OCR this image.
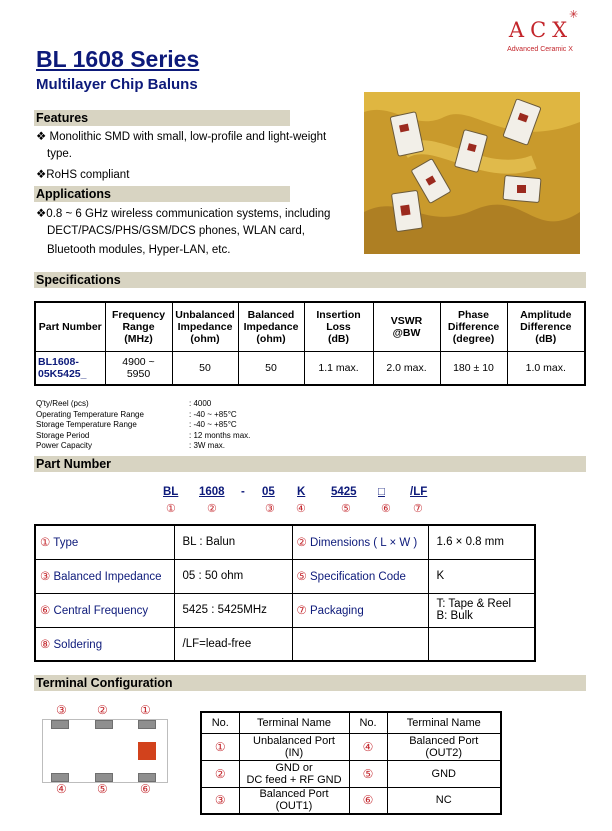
ACX
✳
Advanced Ceramic X
BL 1608 Series
Multilayer Chip Baluns
Features
❖ Monolithic SMD with small, low-profile and light-weight
type.
❖RoHS compliant
Applications
❖0.8 ~ 6 GHz wireless communication systems, including
DECT/PACS/PHS/GSM/DCS phones, WLAN card,
Bluetooth modules, Hyper-LAN, etc.
Specifications
Part Number	Frequency
Range
(MHz)	Unbalanced
Impedance
(ohm)	Balanced
Impedance
(ohm)	Insertion
Loss
(dB)	VSWR
@BW	Phase
Difference
(degree)	Amplitude
Difference
(dB)
BL1608-
05K5425_	4900 ~
5950	50	50	1.1 max.	2.0 max.	180 ± 10	1.0 max.
Q'ty/Reel (pcs)
Operating Temperature Range
Storage Temperature Range
Storage Period
Power Capacity
: 4000
: -40 ~ +85°C
: -40 ~ +85°C
: 12 months max.
: 3W max.
Part Number
BL 1608 - 05 K 5425 □ /LF
①	②	③ ④	⑤	⑥ ⑦
① Type	BL : Balun	② Dimensions ( L × W )	1.6 × 0.8 mm
③ Balanced Impedance	05 : 50 ohm	⑤ Specification Code	K
⑥ Central Frequency	5425 : 5425MHz	⑦ Packaging	T: Tape & Reel
B: Bulk
⑧ Soldering	/LF=lead-free		
Terminal Configuration
③	②	①
④	⑤	⑥
No.	Terminal Name	No.	Terminal Name
①	Unbalanced Port
(IN)	④	Balanced Port
(OUT2)
②	GND or
DC feed + RF GND	⑤	GND
③	Balanced Port
(OUT1)	⑥	NC
